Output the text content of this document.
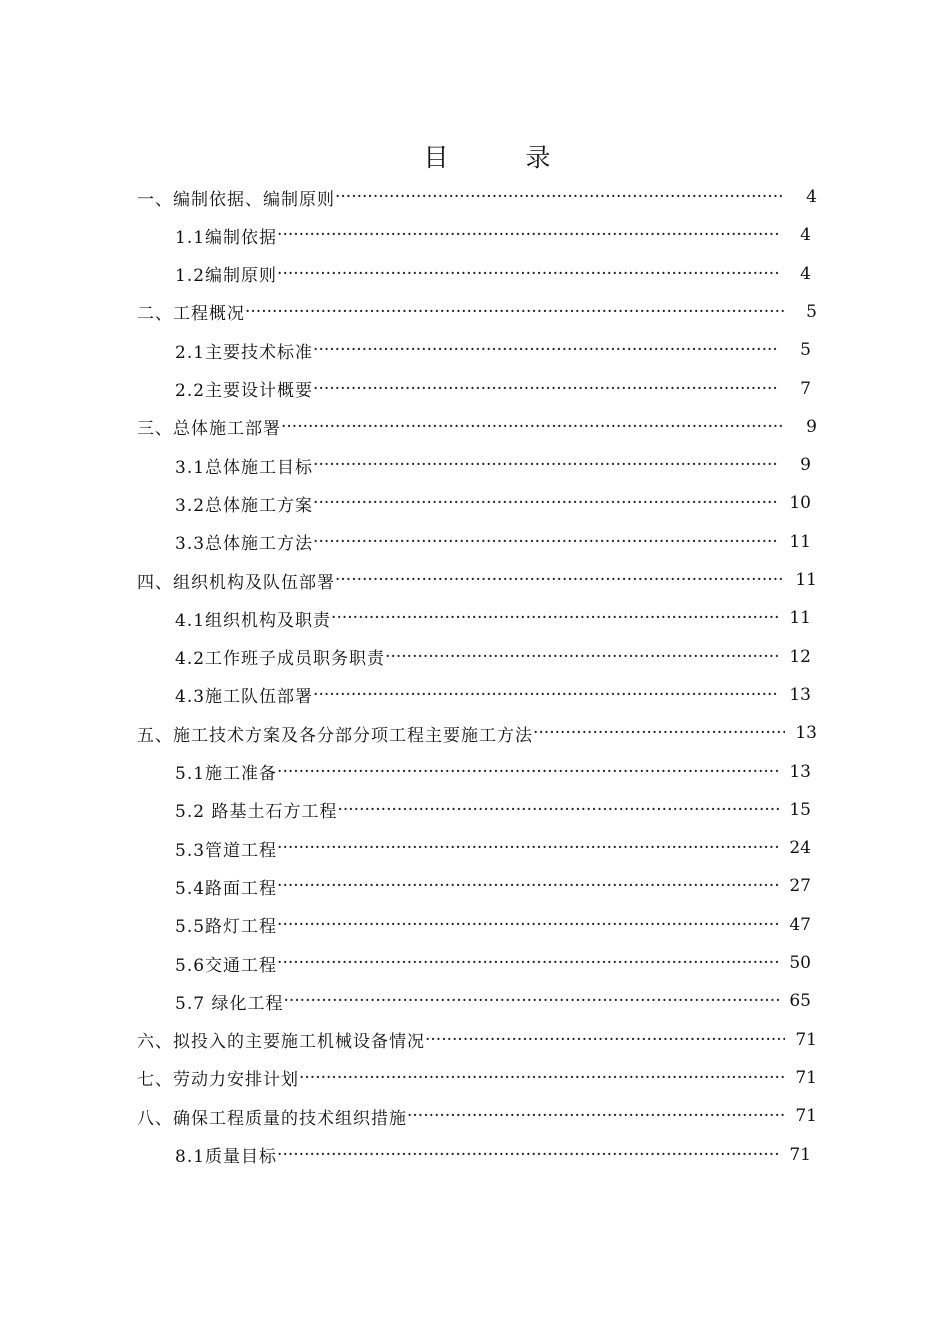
目　录
一、编制依据、编制原则 ·····	4
1.1编制依据 ·····	4
1.2编制原则 ·····	4
二、工程概况 ·····	5
2.1主要技术标准 ·····	5
2.2主要设计概要 ·····	7
三、总体施工部署 ·····	9
3.1总体施工目标 ·····	9
3.2总体施工方案 ·····	10
3.3总体施工方法 ·····	11
四、组织机构及队伍部署 ·····	11
4.1组织机构及职责 ·····	11
4.2工作班子成员职务职责 ·····	12
4.3施工队伍部署 ·····	13
五、施工技术方案及各分部分项工程主要施工方法 ·····	13
5.1施工准备 ·····	13
5.2 路基土石方工程 ·····	15
5.3管道工程 ·····	24
5.4路面工程 ·····	27
5.5路灯工程 ·····	47
5.6交通工程 ·····	50
5.7 绿化工程 ·····	65
六、拟投入的主要施工机械设备情况 ·····	71
七、劳动力安排计划 ·····	71
八、确保工程质量的技术组织措施 ·····	71
8.1质量目标 ·····	71
